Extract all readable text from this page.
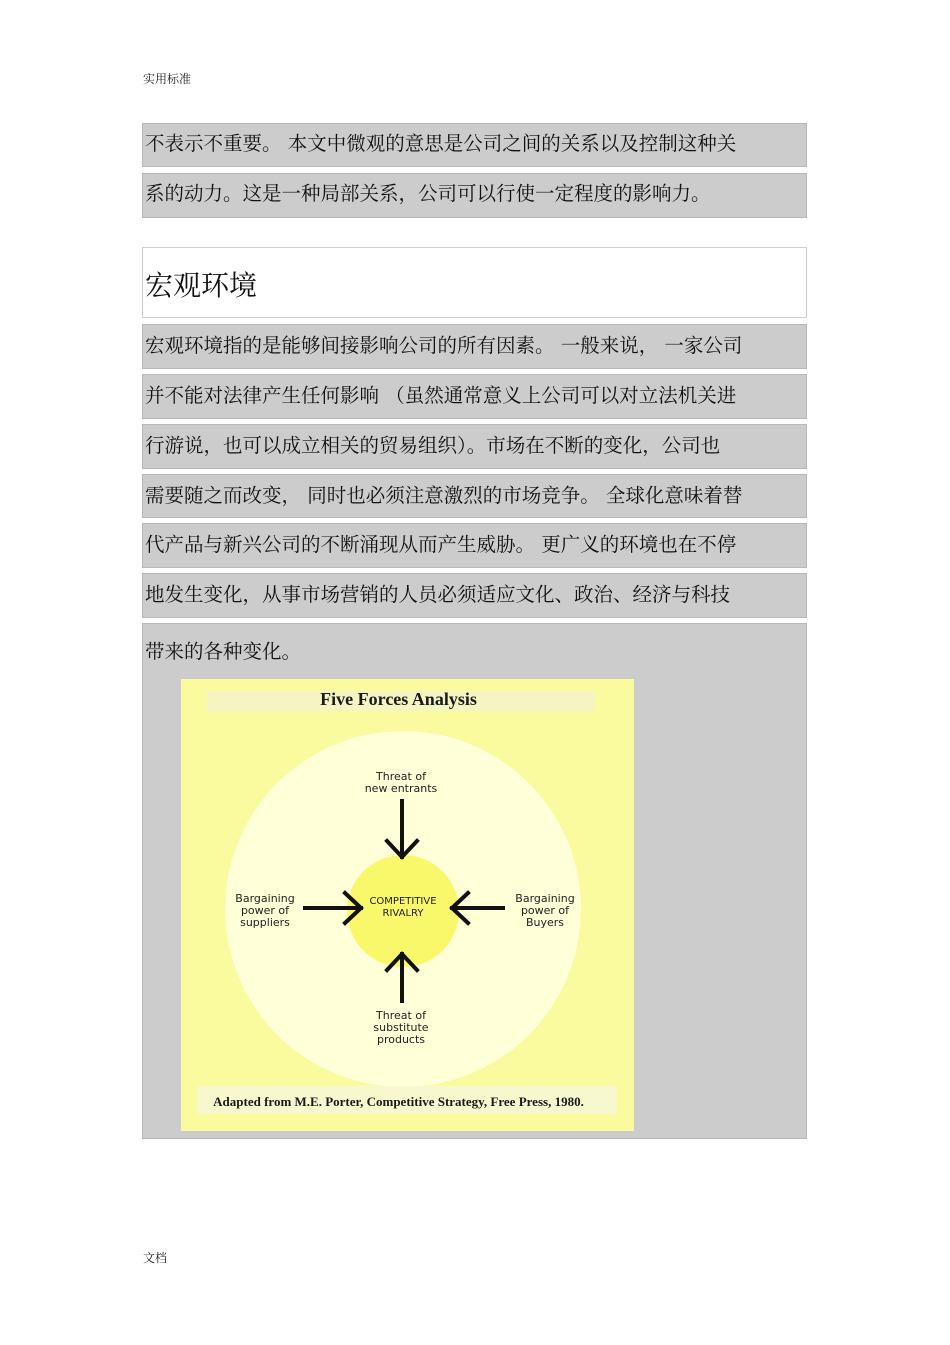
实用标准
不表示不重要。 本文中微观的意思是公司之间的关系以及控制这种关
系的动力。这是一种局部关系，公司可以行使一定程度的影响力。
宏观环境
宏观环境指的是能够间接影响公司的所有因素。 一般来说， 一家公司
并不能对法律产生任何影响 （虽然通常意义上公司可以对立法机关进
行游说，也可以成立相关的贸易组织）。市场在不断的变化，公司也
需要随之而改变， 同时也必须注意激烈的市场竞争。 全球化意味着替
代产品与新兴公司的不断涌现从而产生威胁。 更广义的环境也在不停
地发生变化，从事市场营销的人员必须适应文化、政治、经济与科技
带来的各种变化。
Five Forces Analysis
Threat of
new entrants
Bargaining
power of
suppliers
COMPETITIVE
RIVALRY
Bargaining
power of
Buyers
Threat of
substitute
products
Adapted from M.E. Porter, Competitive Strategy, Free Press, 1980.
文档
